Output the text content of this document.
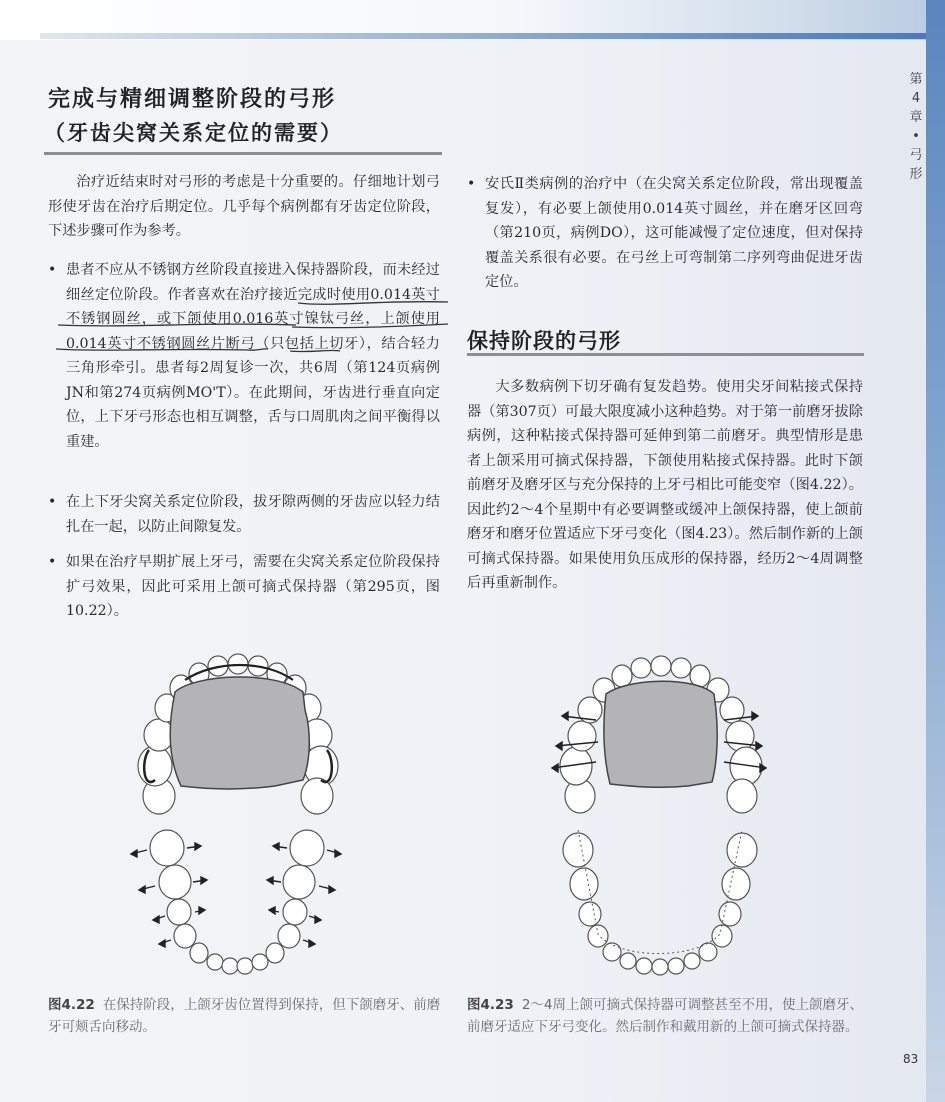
第
4
章
•
弓
形
完成与精细调整阶段的弓形
（牙齿尖窝关系定位的需要）
治疗近结束时对弓形的考虑是十分重要的。仔细地计划弓形使牙齿在治疗后期定位。几乎每个病例都有牙齿定位阶段，下述步骤可作为参考。
• 患者不应从不锈钢方丝阶段直接进入保持器阶段，而未经过细丝定位阶段。作者喜欢在治疗接近完成时使用0.014英寸不锈钢圆丝，或下颌使用0.016英寸镍钛弓丝，上颌使用0.014英寸不锈钢圆丝片断弓（只包括上切牙），结合轻力三角形牵引。患者每2周复诊一次，共6周（第124页病例JN和第274页病例MO'T）。在此期间，牙齿进行垂直向定位，上下牙弓形态也相互调整，舌与口周肌肉之间平衡得以重建。
• 在上下牙尖窝关系定位阶段，拔牙隙两侧的牙齿应以轻力结扎在一起，以防止间隙复发。
• 如果在治疗早期扩展上牙弓，需要在尖窝关系定位阶段保持扩弓效果，因此可采用上颌可摘式保持器（第295页，图10.22）。
• 安氏Ⅱ类病例的治疗中（在尖窝关系定位阶段，常出现覆盖复发），有必要上颌使用0.014英寸圆丝，并在磨牙区回弯（第210页，病例DO），这可能减慢了定位速度，但对保持覆盖关系很有必要。在弓丝上可弯制第二序列弯曲促进牙齿定位。
保持阶段的弓形
大多数病例下切牙确有复发趋势。使用尖牙间粘接式保持器（第307页）可最大限度减小这种趋势。对于第一前磨牙拔除病例，这种粘接式保持器可延伸到第二前磨牙。典型情形是患者上颌采用可摘式保持器，下颌使用粘接式保持器。此时下颌前磨牙及磨牙区与充分保持的上牙弓相比可能变窄（图4.22）。因此约2～4个星期中有必要调整或缓冲上颌保持器，使上颌前磨牙和磨牙位置适应下牙弓变化（图4.23）。然后制作新的上颌可摘式保持器。如果使用负压成形的保持器，经历2～4周调整后再重新制作。
图4.22 在保持阶段，上颌牙齿位置得到保持，但下颌磨牙、前磨牙可颊舌向移动。
图4.23 2～4周上颌可摘式保持器可调整甚至不用，使上颌磨牙、前磨牙适应下牙弓变化。然后制作和戴用新的上颌可摘式保持器。
83
